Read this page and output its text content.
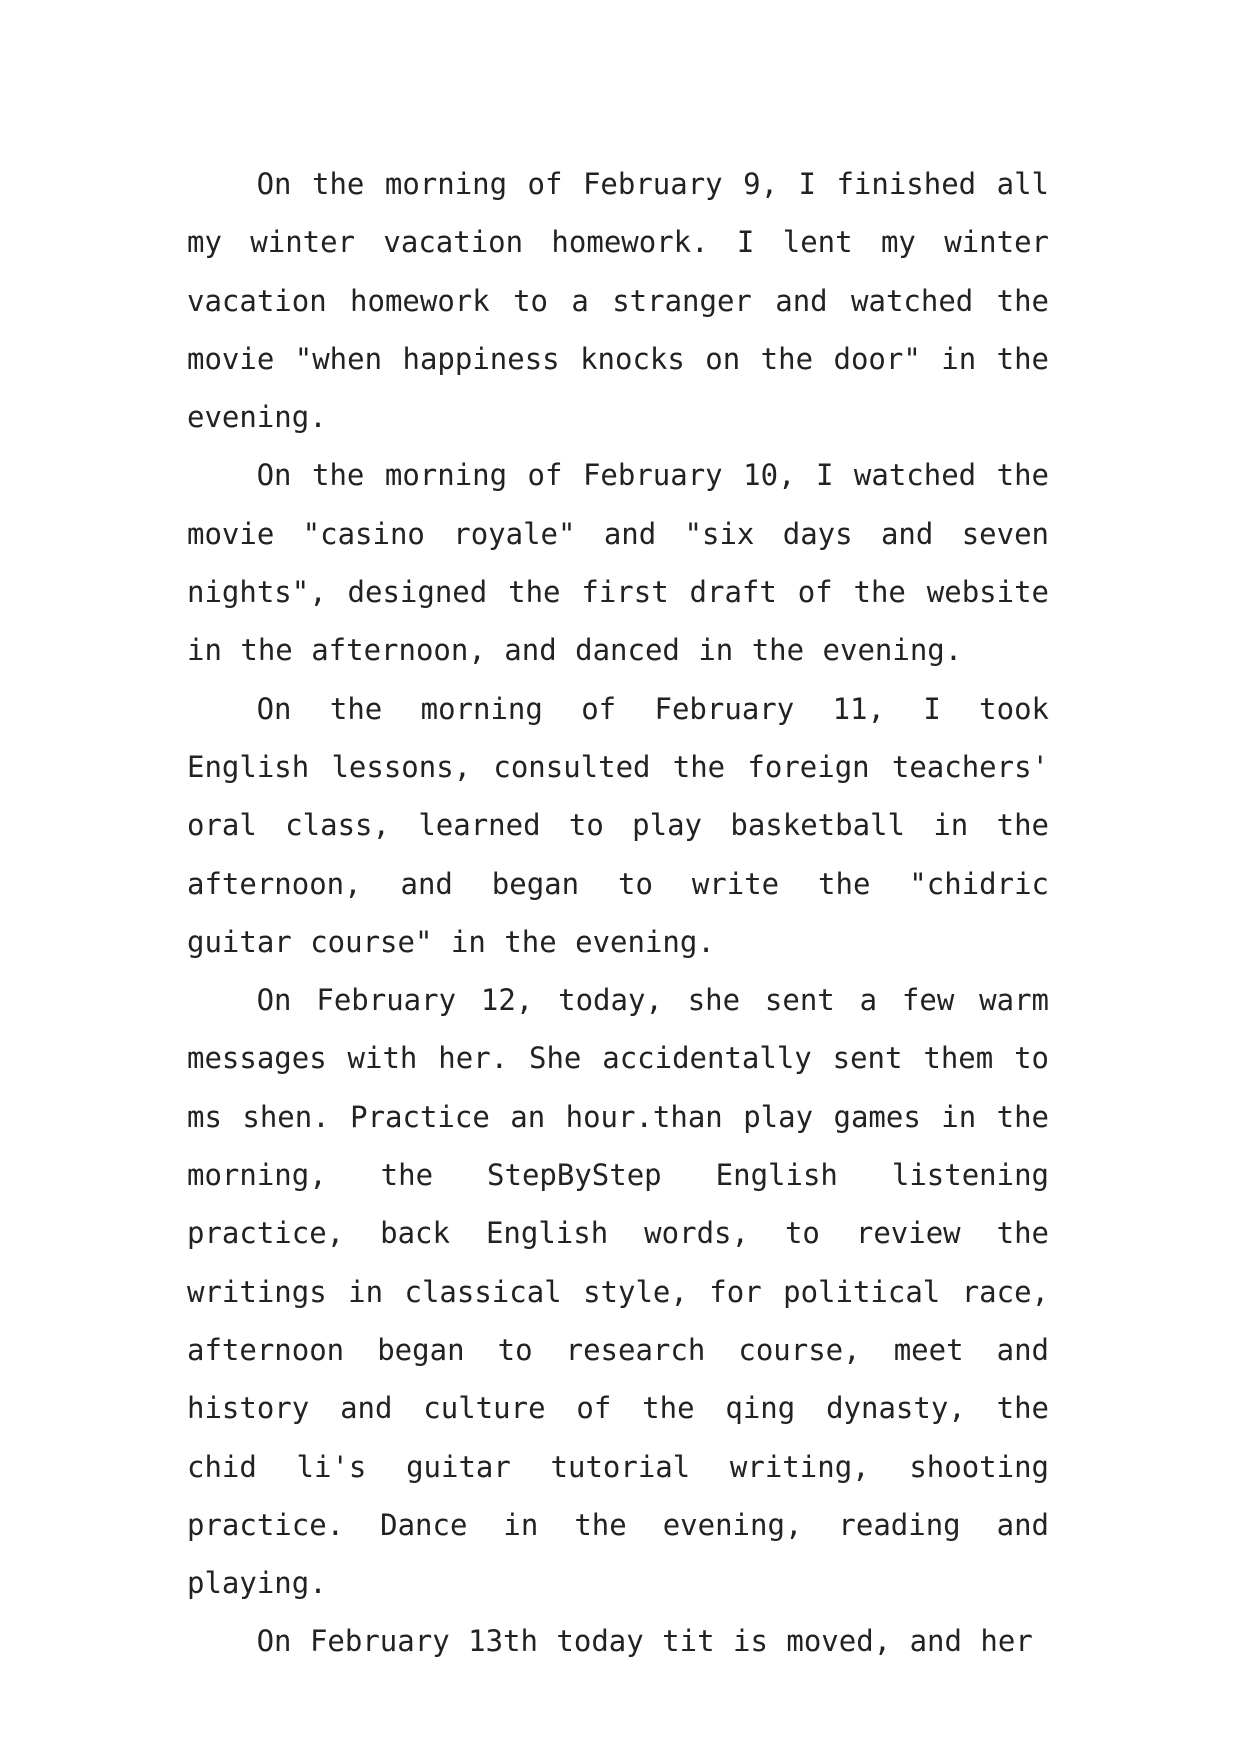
On the morning of February 9, I finished all my winter vacation homework. I lent my winter vacation homework to a stranger and watched the movie "when happiness knocks on the door" in the evening.

On the morning of February 10, I watched the movie "casino royale" and "six days and seven nights", designed the first draft of the website in the afternoon, and danced in the evening.

On the morning of February 11, I took English lessons, consulted the foreign teachers' oral class, learned to play basketball in the afternoon, and began to write the "chidric guitar course" in the evening.

On February 12, today, she sent a few warm messages with her. She accidentally sent them to ms shen. Practice an hour.than play games in the morning, the StepByStep English listening practice, back English words, to review the writings in classical style, for political race, afternoon began to research course, meet and history and culture of the qing dynasty, the chid li's guitar tutorial writing, shooting practice. Dance in the evening, reading and playing.

On February 13th today tit is moved, and her
